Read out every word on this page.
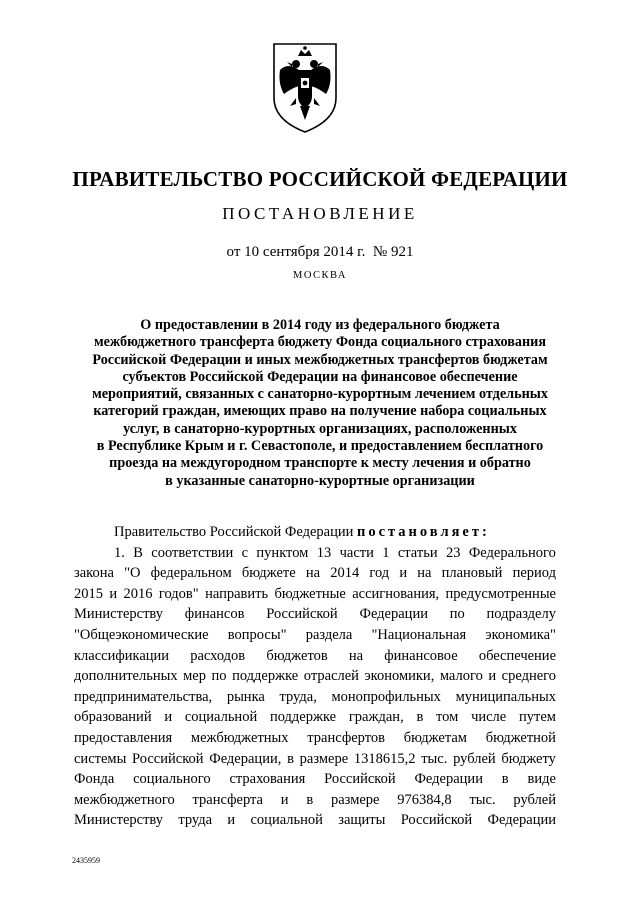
ПРАВИТЕЛЬСТВО РОССИЙСКОЙ ФЕДЕРАЦИИ
ПОСТАНОВЛЕНИЕ
от 10 сентября 2014 г. № 921
МОСКВА
О предоставлении в 2014 году из федерального бюджета
межбюджетного трансферта бюджету Фонда социального страхования
Российской Федерации и иных межбюджетных трансфертов бюджетам
субъектов Российской Федерации на финансовое обеспечение
мероприятий, связанных с санаторно-курортным лечением отдельных
категорий граждан, имеющих право на получение набора социальных
услуг, в санаторно-курортных организациях, расположенных
в Республике Крым и г. Севастополе, и предоставлением бесплатного
проезда на междугородном транспорте к месту лечения и обратно
в указанные санаторно-курортные организации
Правительство Российской Федерации
постановляет:
1. В соответствии с пунктом 13 части 1 статьи 23 Федерального
закона "О федеральном бюджете на 2014 год и на плановый период
2015 и 2016 годов" направить бюджетные ассигнования, предусмотренные
Министерству финансов Российской Федерации по подразделу
"Общеэкономические вопросы" раздела "Национальная экономика"
классификации расходов бюджетов на финансовое обеспечение
дополнительных мер по поддержке отраслей экономики, малого и среднего
предпринимательства, рынка труда, монопрофильных муниципальных
образований и социальной поддержке граждан, в том числе путем
предоставления межбюджетных трансфертов бюджетам бюджетной
системы Российской Федерации, в размере 1318615,2 тыс. рублей бюджету
Фонда социального страхования Российской Федерации в виде
межбюджетного трансферта и в размере 976384,8 тыс. рублей
Министерству труда и социальной защиты Российской Федерации
2435959
